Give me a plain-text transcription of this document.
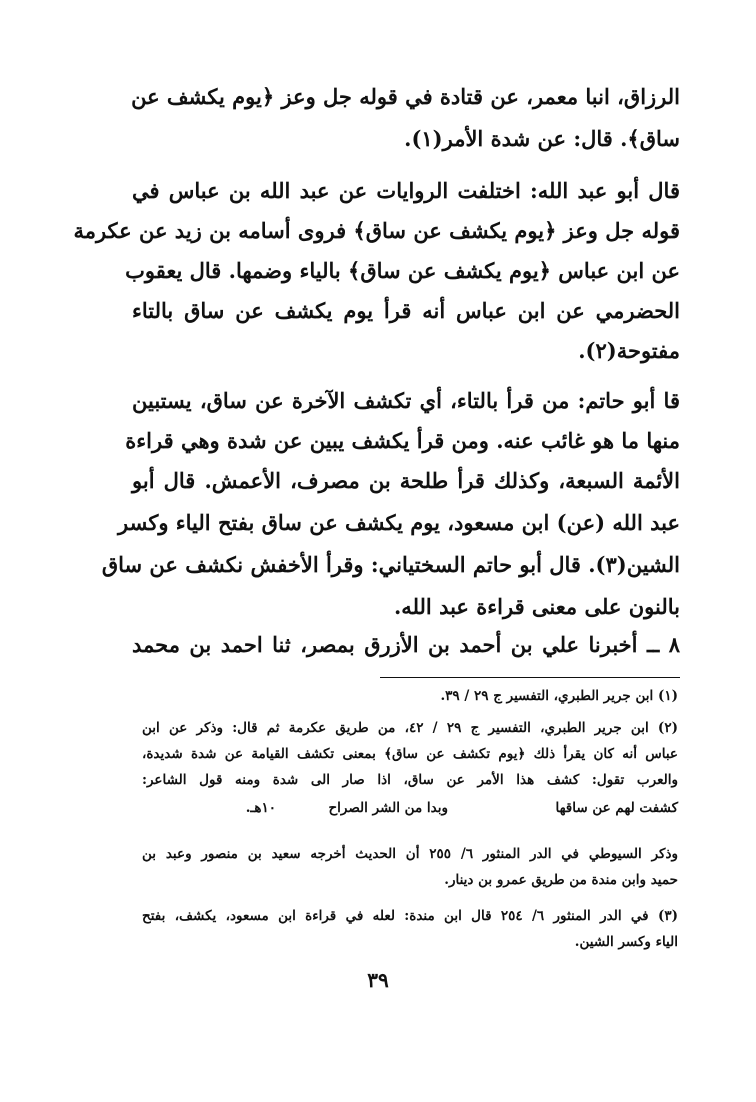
الرزاق، انبا معمر، عن قتادة في قوله جل وعز ﴿يوم يكشف عن
ساق﴾. قال: عن شدة الأمر(١).
قال أبو عبد الله: اختلفت الروايات عن عبد الله بن عباس في
قوله جل وعز ﴿يوم يكشف عن ساق﴾ فروى أسامه بن زيد عن عكرمة
عن ابن عباس ﴿يوم يكشف عن ساق﴾ بالياء وضمها. قال يعقوب
الحضرمي عن ابن عباس أنه قرأ يوم يكشف عن ساق بالتاء
مفتوحة(٢).
قا أبو حاتم: من قرأ بالتاء، أي تكشف الآخرة عن ساق، يستبين
منها ما هو غائب عنه. ومن قرأ يكشف يبين عن شدة وهي قراءة
الأئمة السبعة، وكذلك قرأ طلحة بن مصرف، الأعمش. قال أبو
عبد الله (عن) ابن مسعود، يوم يكشف عن ساق بفتح الياء وكسر
الشين(٣). قال أبو حاتم السختياني: وقرأ الأخفش نكشف عن ساق
بالنون على معنى قراءة عبد الله.
٨ ــ أخبرنا علي بن أحمد بن الأزرق بمصر، ثنا احمد بن محمد
(١) ابن جرير الطبري، التفسير ج ٢٩ / ٣٩.
(٢) ابن جرير الطبري، التفسير ج ٢٩ / ٤٢، من طريق عكرمة ثم قال: وذكر عن ابن
عباس أنه كان يقرأ ذلك ﴿يوم تكشف عن ساق﴾ بمعنى تكشف القيامة عن شدة شديدة،
والعرب تقول: كشف هذا الأمر عن ساق، اذا صار الى شدة ومنه قول الشاعر:
كشفت لهم عن ساقها
وبدا من الشر الصراح
١٠هـ.
وذكر السيوطي في الدر المنثور ٦/ ٢٥٥ أن الحديث أخرجه سعيد بن منصور وعبد بن
حميد وابن مندة من طريق عمرو بن دينار.
(٣) في الدر المنثور ٦/ ٢٥٤ قال ابن مندة: لعله في قراءة ابن مسعود، يكشف، بفتح
الياء وكسر الشين.
٣٩
